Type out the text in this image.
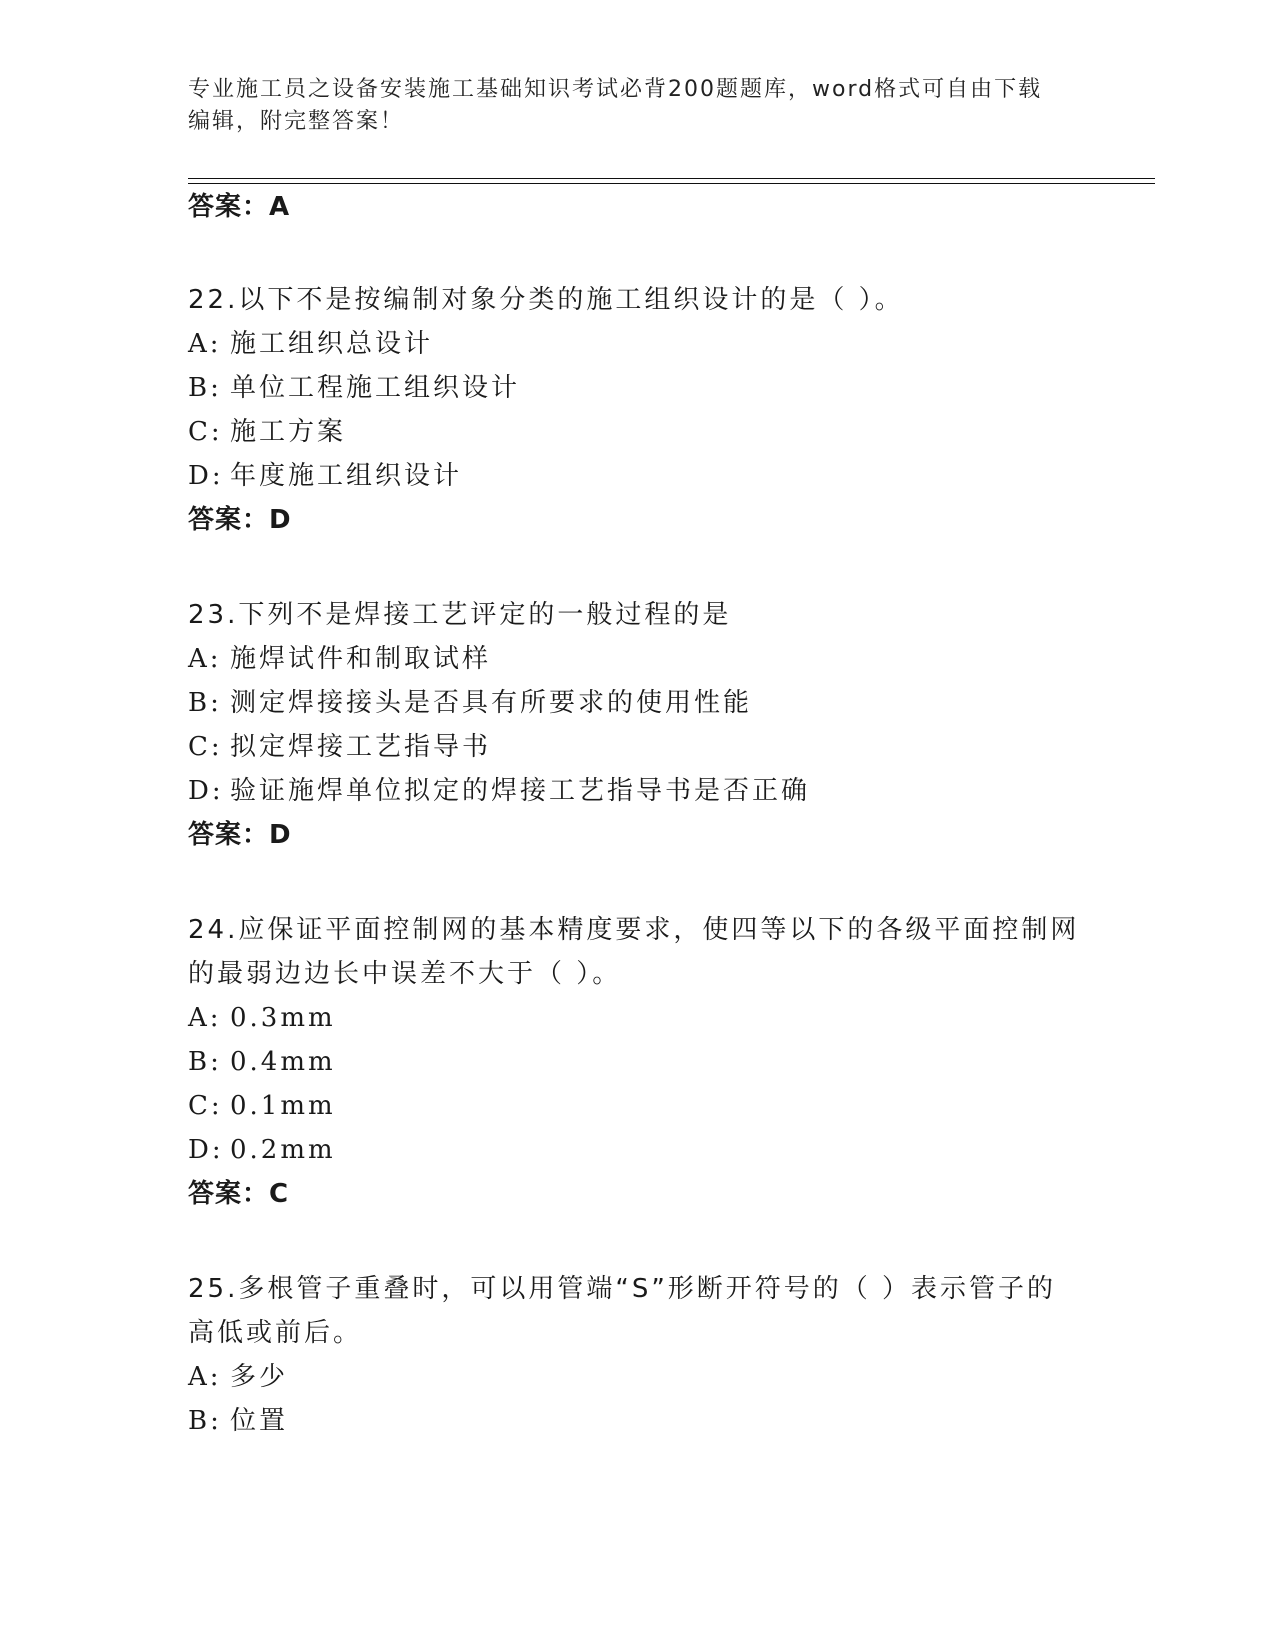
专业施工员之设备安装施工基础知识考试必背200题题库，word格式可自由下载
编辑，附完整答案！
答案：A
22.以下不是按编制对象分类的施工组织设计的是（ ）。
A: 施工组织总设计
B: 单位工程施工组织设计
C: 施工方案
D: 年度施工组织设计
答案：D
23.下列不是焊接工艺评定的一般过程的是
A: 施焊试件和制取试样
B: 测定焊接接头是否具有所要求的使用性能
C: 拟定焊接工艺指导书
D: 验证施焊单位拟定的焊接工艺指导书是否正确
答案：D
24.应保证平面控制网的基本精度要求，使四等以下的各级平面控制网
的最弱边边长中误差不大于（ ）。
A: 0.3mm
B: 0.4mm
C: 0.1mm
D: 0.2mm
答案：C
25.多根管子重叠时，可以用管端“S”形断开符号的（ ）表示管子的
高低或前后。
A: 多少
B: 位置
